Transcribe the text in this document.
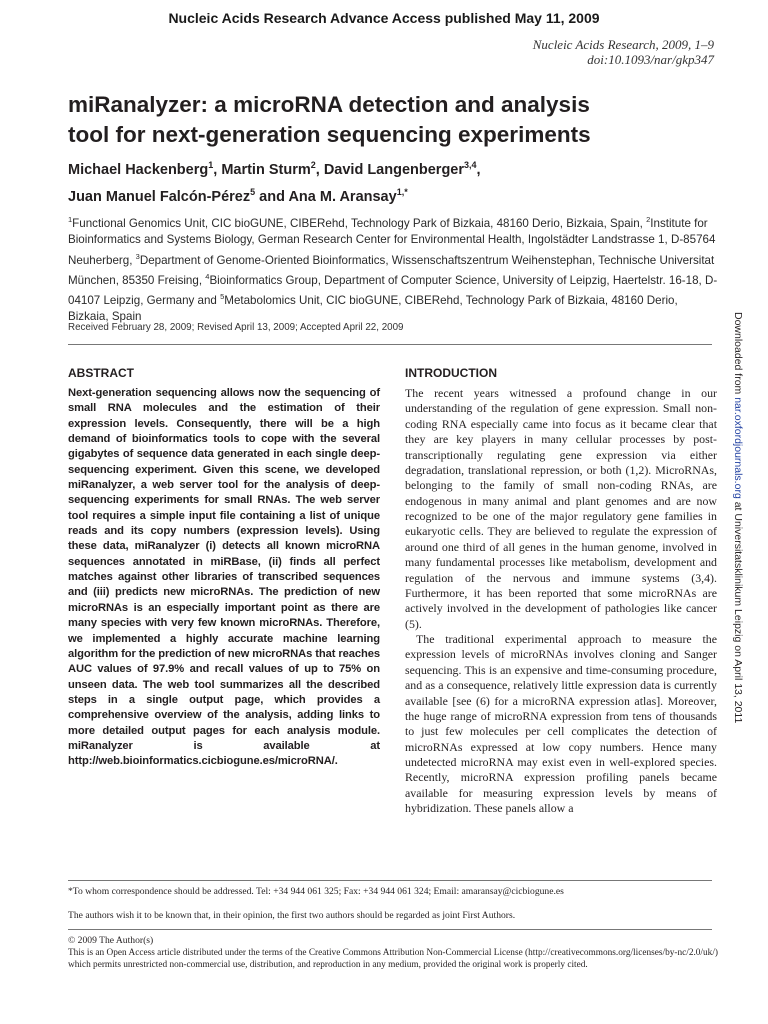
Nucleic Acids Research Advance Access published May 11, 2009
Nucleic Acids Research, 2009, 1–9
doi:10.1093/nar/gkp347
miRanalyzer: a microRNA detection and analysis
tool for next-generation sequencing experiments
Michael Hackenberg$^1$, Martin Sturm$^2$, David Langenberger$^{3,4}$,
Juan Manuel Falcón-Pérez$^5$ and Ana M. Aransay$^{1,*}$
$^1$Functional Genomics Unit, CIC bioGUNE, CIBERehd, Technology Park of Bizkaia, 48160 Derio, Bizkaia, Spain, $^2$Institute for Bioinformatics and Systems Biology, German Research Center for Environmental Health, Ingolstädter Landstrasse 1, D-85764 Neuherberg, $^3$Department of Genome-Oriented Bioinformatics, Wissenschaftszentrum Weihenstephan, Technische Universitat München, 85350 Freising, $^4$Bioinformatics Group, Department of Computer Science, University of Leipzig, Haertelstr. 16-18, D-04107 Leipzig, Germany and $^5$Metabolomics Unit, CIC bioGUNE, CIBERehd, Technology Park of Bizkaia, 48160 Derio, Bizkaia, Spain
Received February 28, 2009; Revised April 13, 2009; Accepted April 22, 2009
ABSTRACT

Next-generation sequencing allows now the sequencing of small RNA molecules and the estimation of their expression levels. Consequently, there will be a high demand of bioinformatics tools to cope with the several gigabytes of sequence data generated in each single deep-sequencing experiment. Given this scene, we developed miRanalyzer, a web server tool for the analysis of deep-sequencing experiments for small RNAs. The web server tool requires a simple input file containing a list of unique reads and its copy numbers (expression levels). Using these data, miRanalyzer (i) detects all known microRNA sequences annotated in miRBase, (ii) finds all perfect matches against other libraries of transcribed sequences and (iii) predicts new microRNAs. The prediction of new microRNAs is an especially important point as there are many species with very few known microRNAs. Therefore, we implemented a highly accurate machine learning algorithm for the prediction of new microRNAs that reaches AUC values of 97.9% and recall values of up to 75% on unseen data. The web tool summarizes all the described steps in a single output page, which provides a comprehensive overview of the analysis, adding links to more detailed output pages for each analysis module. miRanalyzer is available at http://web.bioinformatics.cicbiogune.es/microRNA/.

INTRODUCTION

The recent years witnessed a profound change in our understanding of the regulation of gene expression. Small non-coding RNA especially came into focus as it became clear that they are key players in many cellular processes by post-transcriptionally regulating gene expression via either degradation, translational repression, or both (1,2). MicroRNAs, belonging to the family of small non-coding RNAs, are endogenous in many animal and plant genomes and are now recognized to be one of the major regulatory gene families in eukaryotic cells. They are believed to regulate the expression of around one third of all genes in the human genome, involved in many fundamental processes like metabolism, development and regulation of the nervous and immune systems (3,4). Furthermore, it has been reported that some microRNAs are actively involved in the development of pathologies like cancer (5).

The traditional experimental approach to measure the expression levels of microRNAs involves cloning and Sanger sequencing. This is an expensive and time-consuming procedure, and as a consequence, relatively little expression data is currently available [see (6) for a microRNA expression atlas]. Moreover, the huge range of microRNA expression from tens of thousands to just few molecules per cell complicates the detection of microRNAs expressed at low copy numbers. Hence many undetected microRNA may exist even in well-explored species. Recently, microRNA expression profiling panels became available for measuring expression levels by means of hybridization. These panels allow a

*To whom correspondence should be addressed. Tel: +34 944 061 325; Fax: +34 944 061 324; Email: amaransay@cicbiogune.es
The authors wish it to be known that, in their opinion, the first two authors should be regarded as joint First Authors.
© 2009 The Author(s)
This is an Open Access article distributed under the terms of the Creative Commons Attribution Non-Commercial License (http://creativecommons.org/licenses/by-nc/2.0/uk/) which permits unrestricted non-commercial use, distribution, and reproduction in any medium, provided the original work is properly cited.
Downloaded from nar.oxfordjournals.org at Universitatsklinikum Leipzig on April 13, 2011
